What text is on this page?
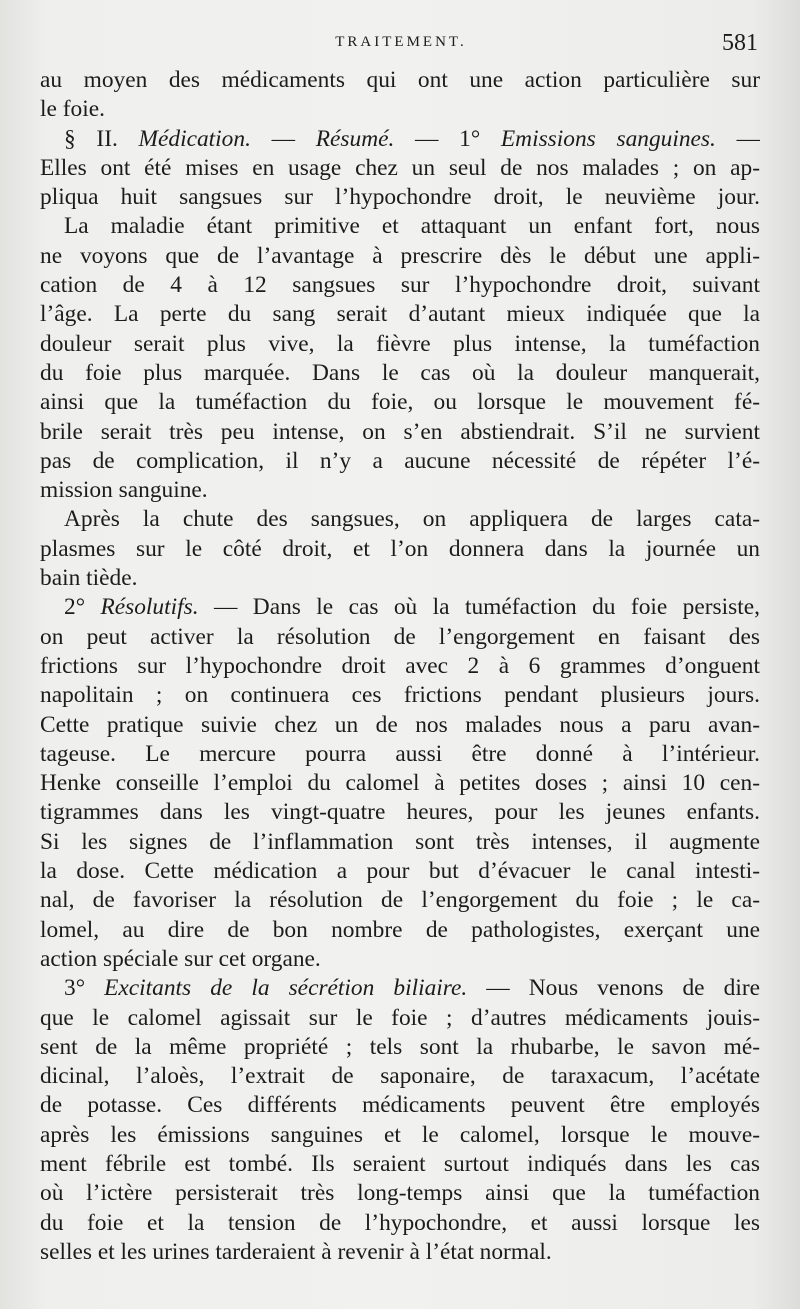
TRAITEMENT.	581
au moyen des médicaments qui ont une action particulière sur
le foie.
§ II. Médication. — Résumé. — 1° Emissions sanguines. —
Elles ont été mises en usage chez un seul de nos malades ; on ap-
pliqua huit sangsues sur l’hypochondre droit, le neuvième jour.
La maladie étant primitive et attaquant un enfant fort, nous
ne voyons que de l’avantage à prescrire dès le début une appli-
cation de 4 à 12 sangsues sur l’hypochondre droit, suivant
l’âge. La perte du sang serait d’autant mieux indiquée que la
douleur serait plus vive, la fièvre plus intense, la tuméfaction
du foie plus marquée. Dans le cas où la douleur manquerait,
ainsi que la tuméfaction du foie, ou lorsque le mouvement fé-
brile serait très peu intense, on s’en abstiendrait. S’il ne survient
pas de complication, il n’y a aucune nécessité de répéter l’é-
mission sanguine.
Après la chute des sangsues, on appliquera de larges cata-
plasmes sur le côté droit, et l’on donnera dans la journée un
bain tiède.
2° Résolutifs. — Dans le cas où la tuméfaction du foie persiste,
on peut activer la résolution de l’engorgement en faisant des
frictions sur l’hypochondre droit avec 2 à 6 grammes d’onguent
napolitain ; on continuera ces frictions pendant plusieurs jours.
Cette pratique suivie chez un de nos malades nous a paru avan-
tageuse. Le mercure pourra aussi être donné à l’intérieur.
Henke conseille l’emploi du calomel à petites doses ; ainsi 10 cen-
tigrammes dans les vingt-quatre heures, pour les jeunes enfants.
Si les signes de l’inflammation sont très intenses, il augmente
la dose. Cette médication a pour but d’évacuer le canal intesti-
nal, de favoriser la résolution de l’engorgement du foie ; le ca-
lomel, au dire de bon nombre de pathologistes, exerçant une
action spéciale sur cet organe.
3° Excitants de la sécrétion biliaire. — Nous venons de dire
que le calomel agissait sur le foie ; d’autres médicaments jouis-
sent de la même propriété ; tels sont la rhubarbe, le savon mé-
dicinal, l’aloès, l’extrait de saponaire, de taraxacum, l’acétate
de potasse. Ces différents médicaments peuvent être employés
après les émissions sanguines et le calomel, lorsque le mouve-
ment fébrile est tombé. Ils seraient surtout indiqués dans les cas
où l’ictère persisterait très long-temps ainsi que la tuméfaction
du foie et la tension de l’hypochondre, et aussi lorsque les
selles et les urines tarderaient à revenir à l’état normal.
